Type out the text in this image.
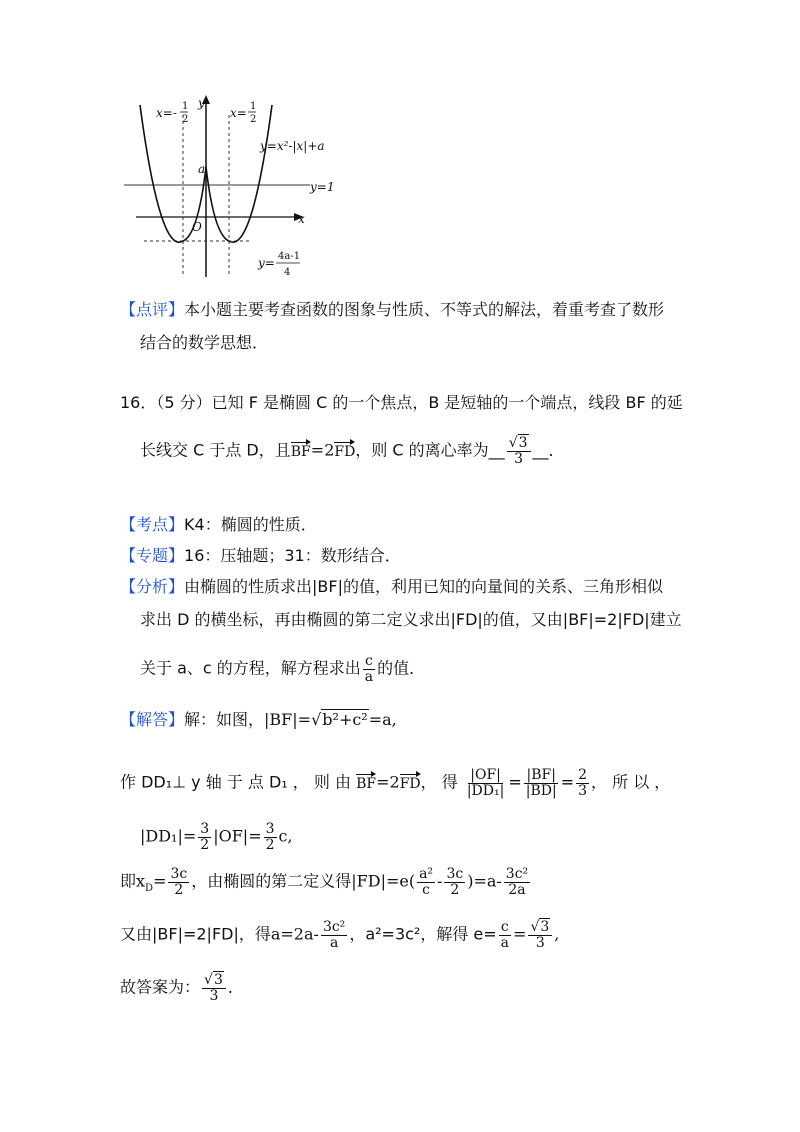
x=- 1
2
y
x= 1
2
y=x²-|x|+a
a
y=1
x
O
y= 4a-1
4
【点评】本小题主要考查函数的图象与性质、不等式的解法，着重考查了数形
结合的数学思想．
16．（5 分）已知 F 是椭圆 C 的一个焦点，B 是短轴的一个端点，线段 BF 的延
长线交 C 于点 D，且BF=2FD，则 C 的离心率为__ $\frac{√3}{3}$ __．
【考点】K4：椭圆的性质．
【专题】16：压轴题；31：数形结合．
【分析】由椭圆的性质求出|BF|的值，利用已知的向量间的关系、三角形相似
求出 D 的横坐标，再由椭圆的第二定义求出|FD|的值，又由|BF|=2|FD|建立
关于 a、c 的方程，解方程求出 $\frac{c}{a}$ 的值．
【解答】解：如图，|BF|=√b²+c²=a,
作 DD₁⊥ y 轴 于 点 D₁ ， 则 由 BF=2FD， 得 $\frac{|OF|}{\text{|DD₁|}} = \frac{|BF|}{|BD|} = \frac{2}{3}$ ， 所 以 ，
$|DD_1|= \frac{3}{2} |OF|= \frac{3}{2} c$,
即$x_D= \frac{3c}{2}$ ，由椭圆的第二定义得$|FD|=e( \frac{\text{a²}}{c} - \frac{3c}{2} )=a- \frac{\text{3c²}}{2a}$
又由|BF|=2|FD|，得$a=2a- \frac{\text{3c²}}{a}$ ，a²=3c²，解得 $e= \frac{c}{a} = \frac{√3}{3}$ ,
故答案为： $\frac{√3}{3}$ ．
